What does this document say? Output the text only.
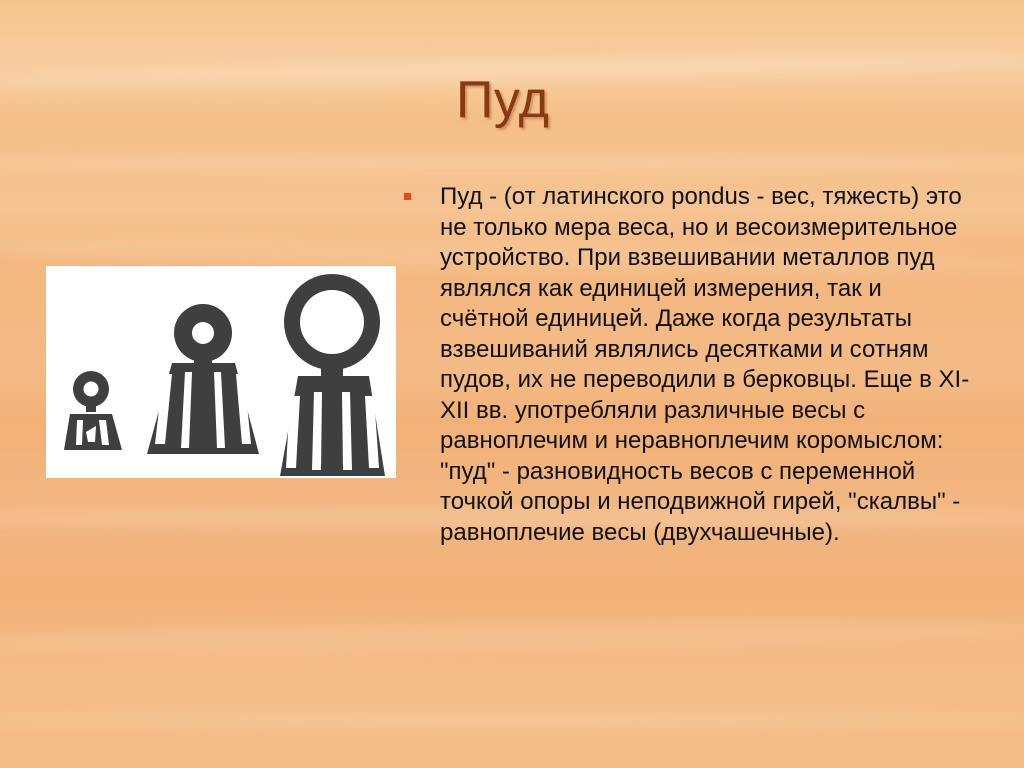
Пуд
Пуд - (от латинского pondus - вес, тяжесть) это не только мера веса, но и весоизмерительное устройство. При взвешивании металлов пуд являлся как единицей измерения, так и счётной единицей. Даже когда результаты взвешиваний являлись десятками и сотням пудов, их не переводили в берковцы. Еще в XI-XII вв. употребляли различные весы с равноплечим и неравноплечим коромыслом: "пуд" - разновидность весов с переменной точкой опоры и неподвижной гирей, "скалвы" - равноплечие весы (двухчашечные).
